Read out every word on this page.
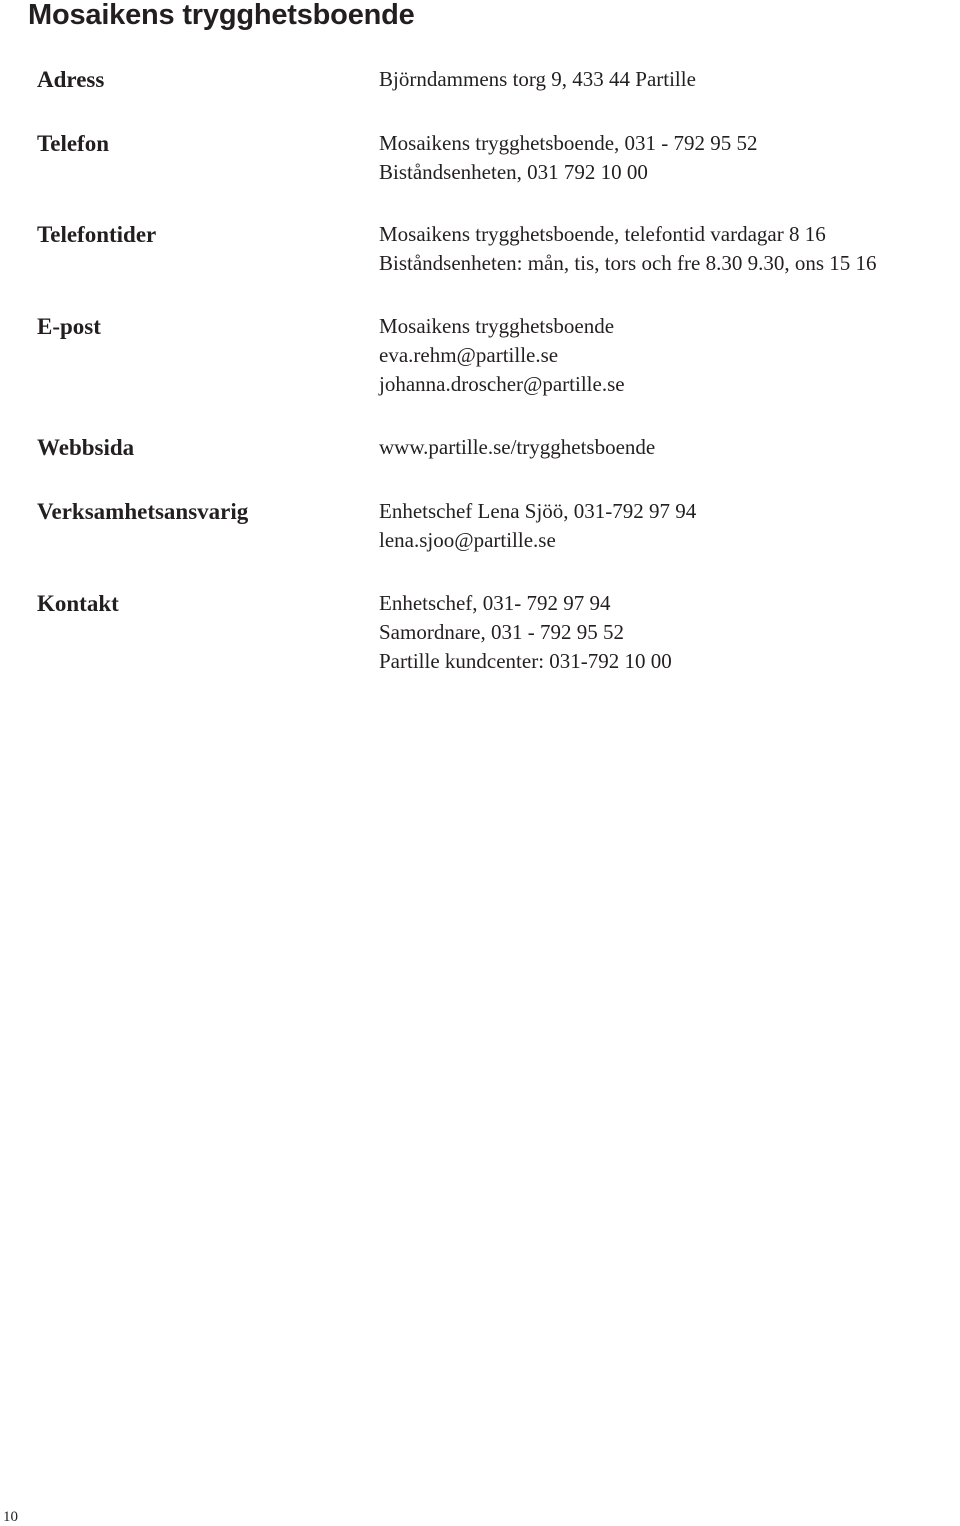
Mosaikens trygghetsboende
Adress	Björndammens torg 9, 433 44 Partille
Telefon	Mosaikens trygghetsboende, 031 - 792 95 52
Biståndsenheten, 031 792 10 00
Telefontider	Mosaikens trygghetsboende, telefontid vardagar 8 16
Biståndsenheten: mån, tis, tors och fre 8.30 9.30, ons 15 16
E-post	Mosaikens trygghetsboende
eva.rehm@partille.se
johanna.droscher@partille.se
Webbsida	www.partille.se/trygghetsboende
Verksamhetsansvarig	Enhetschef Lena Sjöö, 031-792 97 94
lena.sjoo@partille.se
Kontakt	Enhetschef, 031- 792 97 94
Samordnare, 031 - 792 95 52
Partille kundcenter: 031-792 10 00
10
